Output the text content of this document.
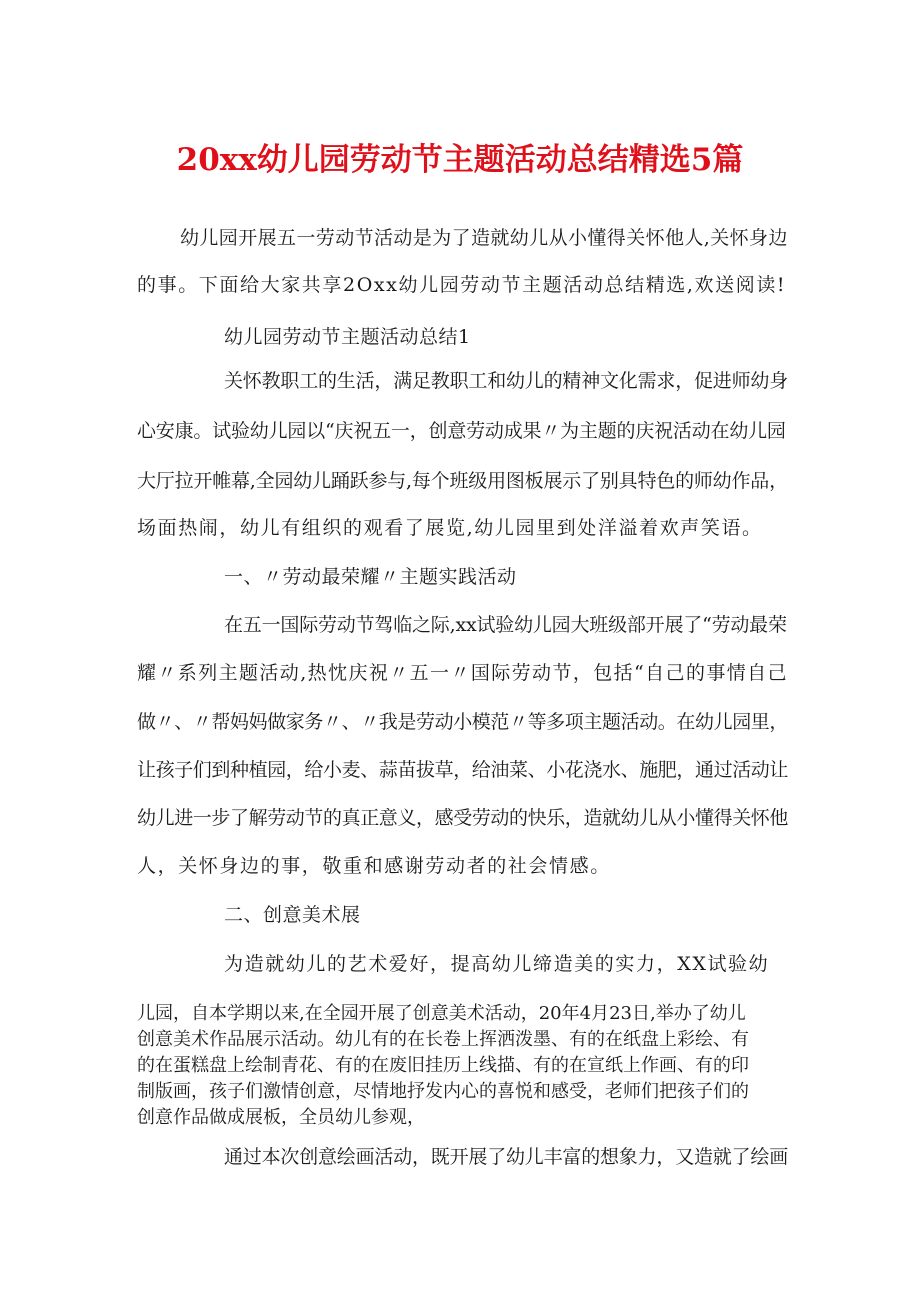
20xx幼儿园劳动节主题活动总结精选5篇
幼儿园开展五一劳动节活动是为了造就幼儿从小懂得关怀他人,关怀身边
的事。下面给大家共享2Oxx幼儿园劳动节主题活动总结精选,欢送阅读!
幼儿园劳动节主题活动总结1
关怀教职工的生活，满足教职工和幼儿的精神文化需求，促进师幼身
心安康。试验幼儿园以“庆祝五一，创意劳动成果〃为主题的庆祝活动在幼儿园
大厅拉开帷幕,全园幼儿踊跃参与,每个班级用图板展示了别具特色的师幼作品，
场面热闹，幼儿有组织的观看了展览,幼儿园里到处洋溢着欢声笑语。
一、〃劳动最荣耀〃主题实践活动
在五一国际劳动节驾临之际,xx试验幼儿园大班级部开展了“劳动最荣
耀〃系列主题活动,热忱庆祝〃五一〃国际劳动节，包括“自己的事情自己
做〃、〃帮妈妈做家务〃、〃我是劳动小模范〃等多项主题活动。在幼儿园里，
让孩子们到种植园，给小麦、蒜苗拔草，给油菜、小花浇水、施肥，通过活动让
幼儿进一步了解劳动节的真正意义，感受劳动的快乐，造就幼儿从小懂得关怀他
人，关怀身边的事，敬重和感谢劳动者的社会情感。
二、创意美术展
为造就幼儿的艺术爱好，提高幼儿缔造美的实力，XX试验幼
儿园，自本学期以来,在全园开展了创意美术活动，20年4月23日,举办了幼儿
创意美术作品展示活动。幼儿有的在长卷上挥洒泼墨、有的在纸盘上彩绘、有
的在蛋糕盘上绘制青花、有的在废旧挂历上线描、有的在宣纸上作画、有的印
制版画，孩子们激情创意，尽情地抒发内心的喜悦和感受，老师们把孩子们的
创意作品做成展板，全员幼儿参观，
通过本次创意绘画活动，既开展了幼儿丰富的想象力，又造就了绘画
